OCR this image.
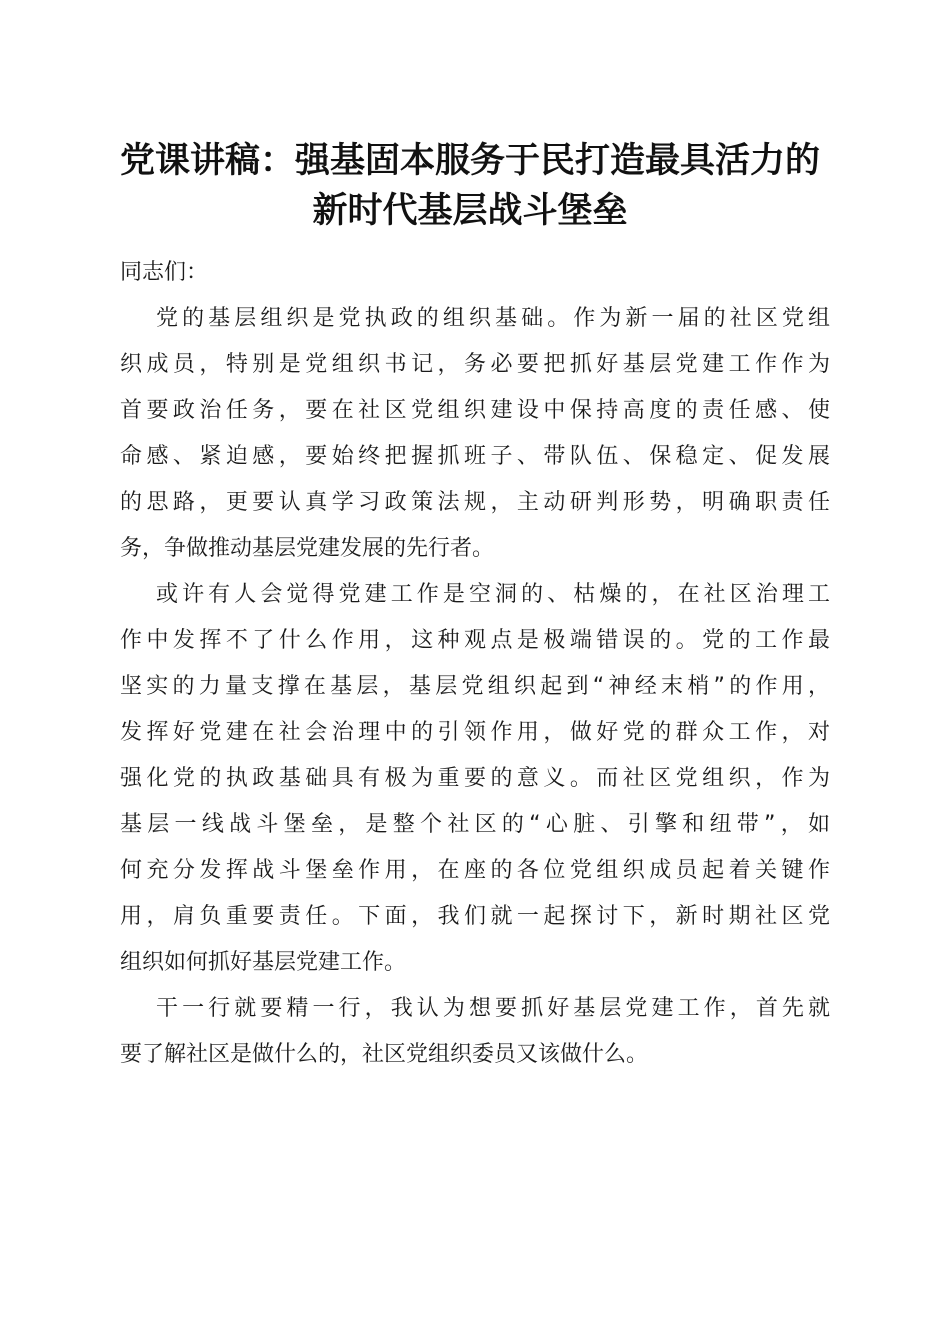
党课讲稿：强基固本服务于民打造最具活力的
新时代基层战斗堡垒

同志们：

党的基层组织是党执政的组织基础。作为新一届的社区党组
织成员，特别是党组织书记，务必要把抓好基层党建工作作为
首要政治任务，要在社区党组织建设中保持高度的责任感、使
命感、紧迫感，要始终把握抓班子、带队伍、保稳定、促发展
的思路，更要认真学习政策法规，主动研判形势，明确职责任
务，争做推动基层党建发展的先行者。
或许有人会觉得党建工作是空洞的、枯燥的，在社区治理工
作中发挥不了什么作用，这种观点是极端错误的。党的工作最
坚实的力量支撑在基层，基层党组织起到“神经末梢”的作用，
发挥好党建在社会治理中的引领作用，做好党的群众工作，对
强化党的执政基础具有极为重要的意义。而社区党组织，作为
基层一线战斗堡垒，是整个社区的“心脏、引擎和纽带”，如
何充分发挥战斗堡垒作用，在座的各位党组织成员起着关键作
用，肩负重要责任。下面，我们就一起探讨下，新时期社区党
组织如何抓好基层党建工作。
干一行就要精一行，我认为想要抓好基层党建工作，首先就
要了解社区是做什么的，社区党组织委员又该做什么。
